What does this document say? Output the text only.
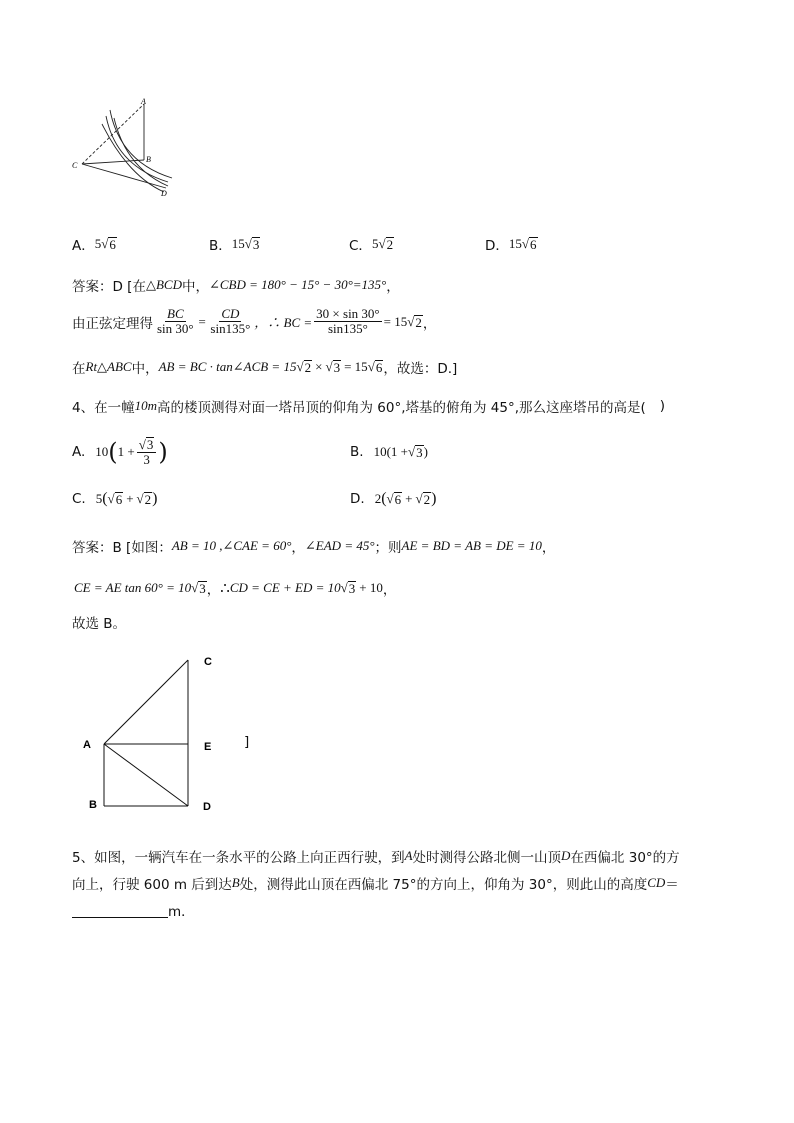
A
B
C
D
A． 5 √ 6	B． 15 √ 3	C． 5 √ 2	D． 15 √ 6
答案：D [在 △BCD 中， ∠CBD = 180° − 15° − 30°=135° ，
由正弦定理得 $\frac{BC}{\sin 30^\circ} = \frac{CD}{\sin 135^\circ}$ ，∴ BC = $\frac{30 \times \sin 30^\circ}{\sin 135^\circ} = 15$ √ 2 ，
在 Rt△ABC 中， AB = BC · tan∠ACB = 15 √ 2 × √ 3 = 15 √ 6 ，故选：D.]
4、在一幢 10m 高的楼顶测得对面一塔吊顶的仰角为 60°,塔基的俯角为 45°,那么这座塔吊的高是( )
A. 10 ( $1 + \frac{√3}{3}$ )	B. 10 ( 1 + √ 3 )
C. 5 ( √ 6 + √ 2 )	D. 2 ( √ 6 + √ 2 )
答案：B [如图： AB = 10 ,∠CAE = 60° ， ∠EAD = 45° ；则 AE = BD = AB = DE = 10 ，
CE = AE tan 60° = 10 √ 3 ， ∴ CD = CE + ED = 10 √ 3 + 10 ，
故选 B。
C
A	E
B	D
]
5、如图，一辆汽车在一条水平的公路上向正西行驶，到 A 处时测得公路北侧一山顶 D 在西偏北 30°的方
向上，行驶 600 m 后到达 B 处，测得此山顶在西偏北 75°的方向上，仰角为 30°，则此山的高度 CD ＝
m．
